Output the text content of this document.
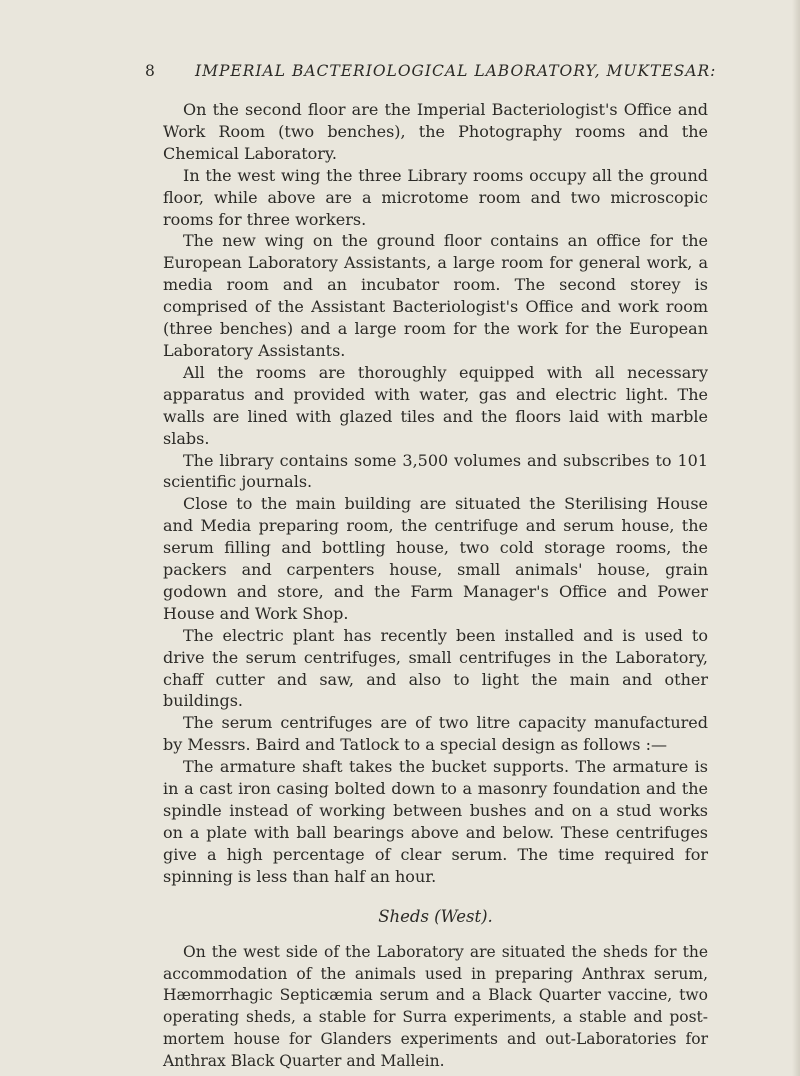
8	IMPERIAL BACTERIOLOGICAL LABORATORY, MUKTESAR:

On the second floor are the Imperial Bacteriologist's Office and Work Room (two benches), the Photography rooms and the Chemical Laboratory.

In the west wing the three Library rooms occupy all the ground floor, while above are a microtome room and two microscopic rooms for three workers.

The new wing on the ground floor contains an office for the European Laboratory Assistants, a large room for general work, a media room and an incubator room. The second storey is comprised of the Assistant Bacteriologist's Office and work room (three benches) and a large room for the work for the European Laboratory Assistants.

All the rooms are thoroughly equipped with all necessary apparatus and provided with water, gas and electric light. The walls are lined with glazed tiles and the floors laid with marble slabs.

The library contains some 3,500 volumes and subscribes to 101 scientific journals.

Close to the main building are situated the Sterilising House and Media preparing room, the centrifuge and serum house, the serum filling and bottling house, two cold storage rooms, the packers and carpenters house, small animals' house, grain godown and store, and the Farm Manager's Office and Power House and Work Shop.

The electric plant has recently been installed and is used to drive the serum centrifuges, small centrifuges in the Laboratory, chaff cutter and saw, and also to light the main and other buildings.

The serum centrifuges are of two litre capacity manufactured by Messrs. Baird and Tatlock to a special design as follows :—

The armature shaft takes the bucket supports. The armature is in a cast iron casing bolted down to a masonry foundation and the spindle instead of working between bushes and on a stud works on a plate with ball bearings above and below. These centrifuges give a high percentage of clear serum. The time required for spinning is less than half an hour.

Sheds (West).

On the west side of the Laboratory are situated the sheds for the accommodation of the animals used in preparing Anthrax serum, Hæmorrhagic Septicæmia serum and a Black Quarter vaccine, two operating sheds, a stable for Surra experiments, a stable and post-mortem house for Glanders experiments and out-Laboratories for Anthrax Black Quarter and Mallein.
